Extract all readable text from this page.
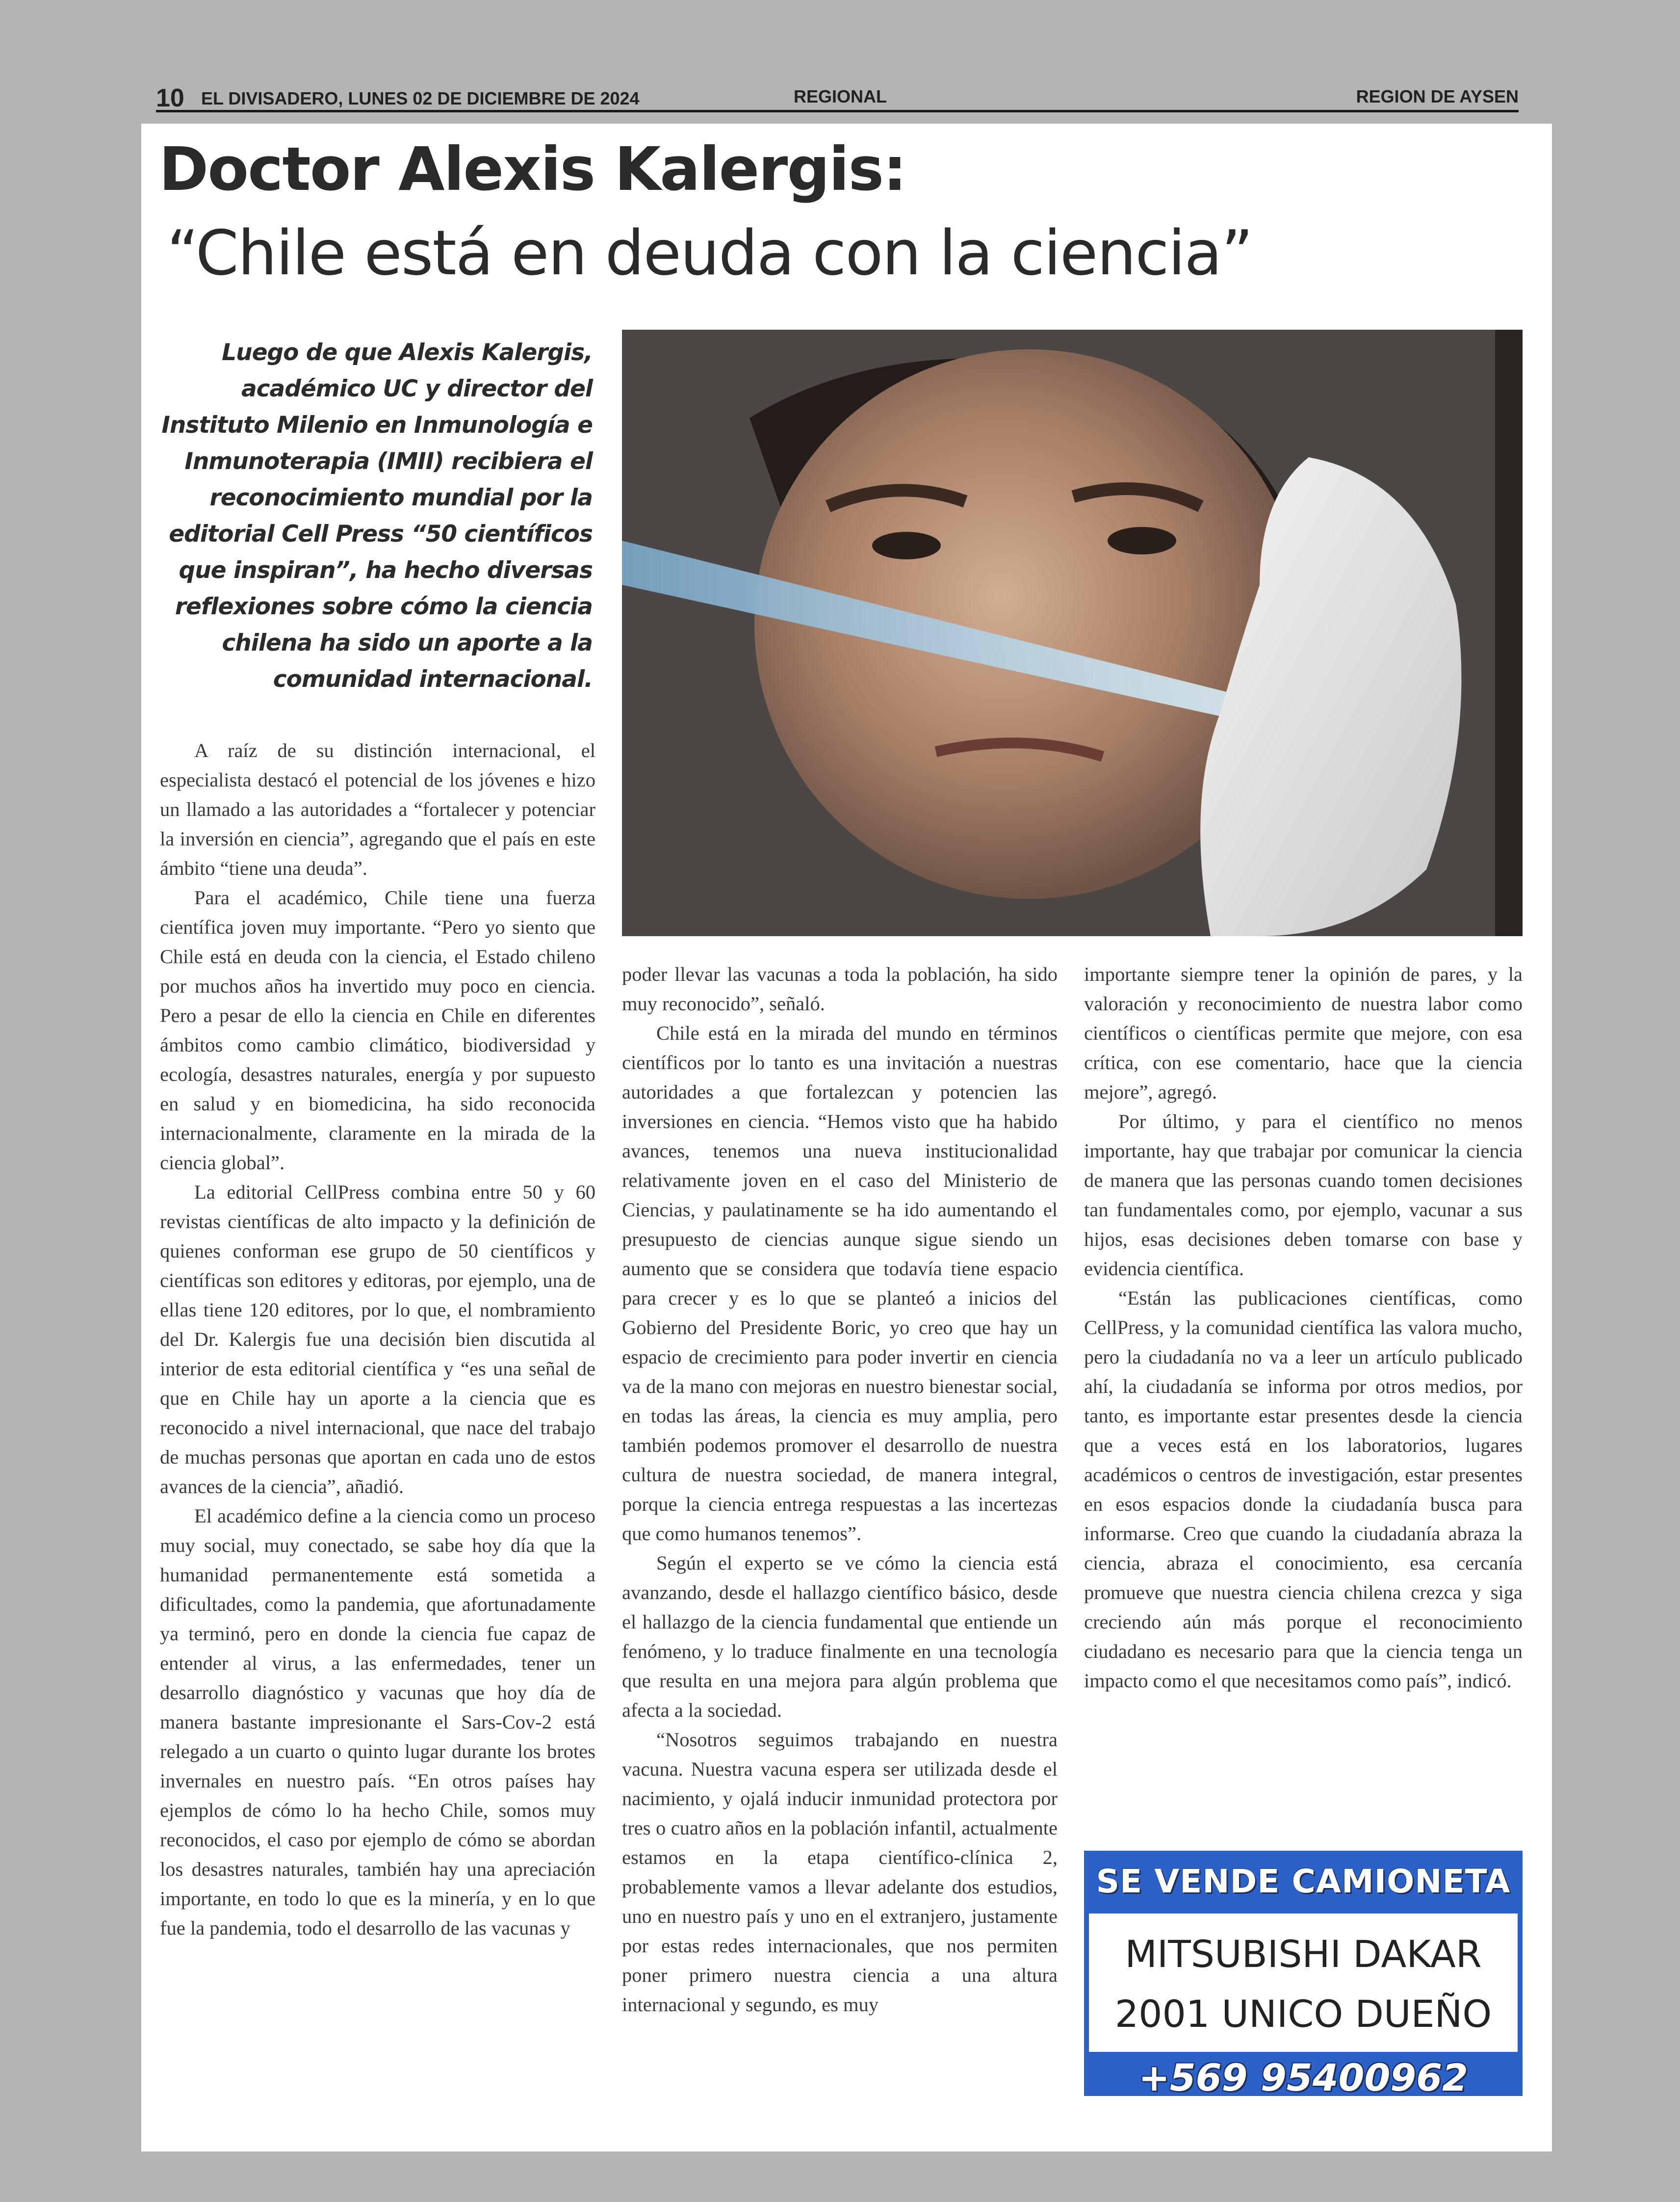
10 EL DIVISADERO, LUNES 02 DE DICIEMBRE DE 2024	REGIONAL	REGION DE AYSEN
Doctor Alexis Kalergis:
“Chile está en deuda con la ciencia”

Luego de que Alexis Kalergis, académico UC y director del Instituto Milenio en Inmunología e Inmunoterapia (IMII) recibiera el reconocimiento mundial por la editorial Cell Press “50 científicos que inspiran”, ha hecho diversas reflexiones sobre cómo la ciencia chilena ha sido un aporte a la comunidad internacional.

A raíz de su distinción internacional, el especialista destacó el potencial de los jóvenes e hizo un llamado a las autoridades a “fortalecer y potenciar la inversión en ciencia”, agregando que el país en este ámbito “tiene una deuda”.

Para el académico, Chile tiene una fuerza científica joven muy importante. “Pero yo siento que Chile está en deuda con la ciencia, el Estado chileno por muchos años ha invertido muy poco en ciencia. Pero a pesar de ello la ciencia en Chile en diferentes ámbitos como cambio climático, biodiversidad y ecología, desastres naturales, energía y por supuesto en salud y en biomedicina, ha sido reconocida internacionalmente, claramente en la mirada de la ciencia global”.

La editorial CellPress combina entre 50 y 60 revistas científicas de alto impacto y la definición de quienes conforman ese grupo de 50 científicos y científicas son editores y editoras, por ejemplo, una de ellas tiene 120 editores, por lo que, el nombramiento del Dr. Kalergis fue una decisión bien discutida al interior de esta editorial científica y “es una señal de que en Chile hay un aporte a la ciencia que es reconocido a nivel internacional, que nace del trabajo de muchas personas que aportan en cada uno de estos avances de la ciencia”, añadió.

El académico define a la ciencia como un proceso muy social, muy conectado, se sabe hoy día que la humanidad permanentemente está sometida a dificultades, como la pandemia, que afortunadamente ya terminó, pero en donde la ciencia fue capaz de entender al virus, a las enfermedades, tener un desarrollo diagnóstico y vacunas que hoy día de manera bastante impresionante el Sars-Cov-2 está relegado a un cuarto o quinto lugar durante los brotes invernales en nuestro país. “En otros países hay ejemplos de cómo lo ha hecho Chile, somos muy reconocidos, el caso por ejemplo de cómo se abordan los desastres naturales, también hay una apreciación importante, en todo lo que es la minería, y en lo que fue la pandemia, todo el desarrollo de las vacunas y

poder llevar las vacunas a toda la población, ha sido muy reconocido”, señaló.

Chile está en la mirada del mundo en términos científicos por lo tanto es una invitación a nuestras autoridades a que fortalezcan y potencien las inversiones en ciencia. “Hemos visto que ha habido avances, tenemos una nueva institucionalidad relativamente joven en el caso del Ministerio de Ciencias, y paulatinamente se ha ido aumentando el presupuesto de ciencias aunque sigue siendo un aumento que se considera que todavía tiene espacio para crecer y es lo que se planteó a inicios del Gobierno del Presidente Boric, yo creo que hay un espacio de crecimiento para poder invertir en ciencia va de la mano con mejoras en nuestro bienestar social, en todas las áreas, la ciencia es muy amplia, pero también podemos promover el desarrollo de nuestra cultura de nuestra sociedad, de manera integral, porque la ciencia entrega respuestas a las incertezas que como humanos tenemos”.

Según el experto se ve cómo la ciencia está avanzando, desde el hallazgo científico básico, desde el hallazgo de la ciencia fundamental que entiende un fenómeno, y lo traduce finalmente en una tecnología que resulta en una mejora para algún problema que afecta a la sociedad.

“Nosotros seguimos trabajando en nuestra vacuna. Nuestra vacuna espera ser utilizada desde el nacimiento, y ojalá inducir inmunidad protectora por tres o cuatro años en la población infantil, actualmente estamos en la etapa científico-clínica 2, probablemente vamos a llevar adelante dos estudios, uno en nuestro país y uno en el extranjero, justamente por estas redes internacionales, que nos permiten poner primero nuestra ciencia a una altura internacional y segundo, es muy

importante siempre tener la opinión de pares, y la valoración y reconocimiento de nuestra labor como científicos o científicas permite que mejore, con esa crítica, con ese comentario, hace que la ciencia mejore”, agregó.

Por último, y para el científico no menos importante, hay que trabajar por comunicar la ciencia de manera que las personas cuando tomen decisiones tan fundamentales como, por ejemplo, vacunar a sus hijos, esas decisiones deben tomarse con base y evidencia científica.

“Están las publicaciones científicas, como CellPress, y la comunidad científica las valora mucho, pero la ciudadanía no va a leer un artículo publicado ahí, la ciudadanía se informa por otros medios, por tanto, es importante estar presentes desde la ciencia que a veces está en los laboratorios, lugares académicos o centros de investigación, estar presentes en esos espacios donde la ciudadanía busca para informarse. Creo que cuando la ciudadanía abraza la ciencia, abraza el conocimiento, esa cercanía promueve que nuestra ciencia chilena crezca y siga creciendo aún más porque el reconocimiento ciudadano es necesario para que la ciencia tenga un impacto como el que necesitamos como país”, indicó.

SE VENDE CAMIONETA
MITSUBISHI DAKAR
2001 UNICO DUEÑO
+569 95400962
